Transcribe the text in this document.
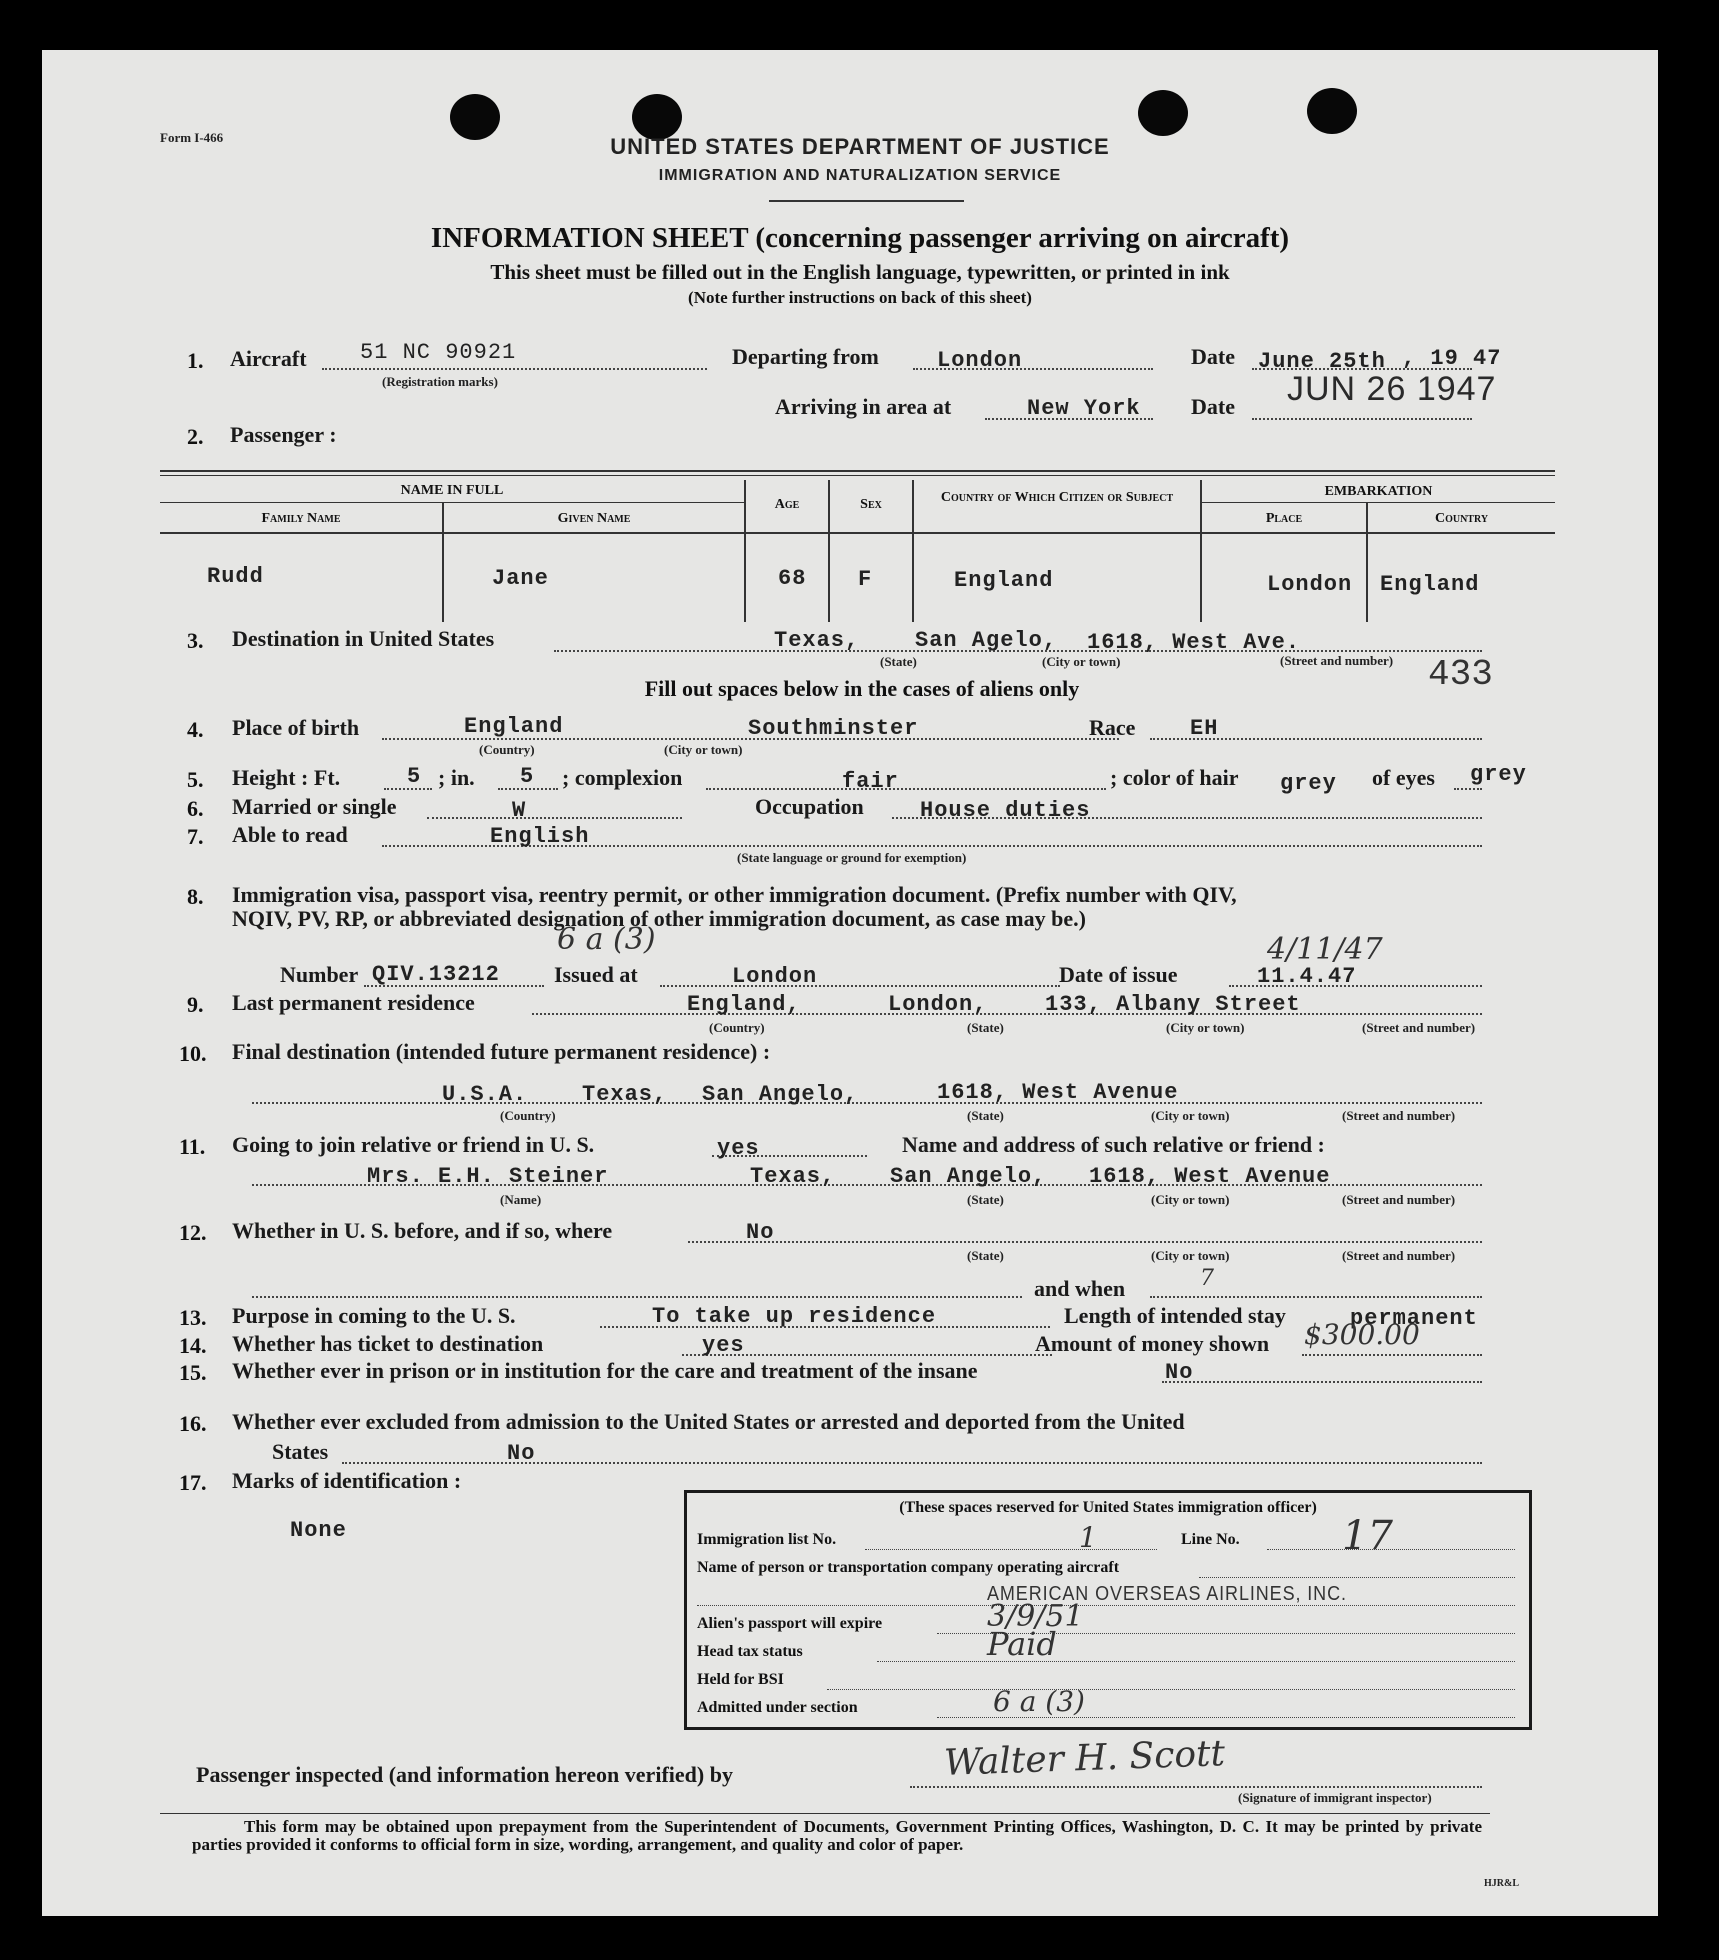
Form I-466	UNITED STATES DEPARTMENT OF JUSTICE
IMMIGRATION AND NATURALIZATION SERVICE
INFORMATION SHEET (concerning passenger arriving on aircraft)
This sheet must be filled out in the English language, typewritten, or printed in ink
(Note further instructions on back of this sheet)
1. Aircraft 51 NC 90921
(Registration marks)
Departing from	London	Date June 25th , 19 47
Arriving in area at	New York Date JUN 26 1947
2. Passenger :
NAME IN FULL
Family Name	Given Name
Age	Sex	Country of Which Citizen or Subject	EMBARKATION
Place	Country
Rudd	Jane	68 F	England	London England
3. Destination in United States	Texas,	San Agelo, 1618, West Ave.
(State)	(City or town)	(Street and number) 433
Fill out spaces below in the cases of aliens only
4. Place of birth	England	Southminster
(Country)	(City or town)
Race EH
5. Height : Ft.	5 ; in. 5 ; complexion	fair	; color of hair grey of eyes grey
6. Married or single	W	Occupation	House duties
7. Able to read	English
(State language or ground for exemption)
8. Immigration visa, passport visa, reentry permit, or other immigration document. (Prefix number with QIV,
NQIV, PV, RP, or abbreviated designation of other immigration document, as case may be.)
6 a (3)
Number QIV.13212 Issued at	London	Date of issue	11.4.47
4/11/47
9. Last permanent residence	England,	London,	133, Albany Street
(Country)	(State)	(City or town)	(Street and number)
10. Final destination (intended future permanent residence) :
U.S.A. Texas, San Angelo,	1618, West Avenue
(Country)	(State)	(City or town)	(Street and number)
11. Going to join relative or friend in U. S.	yes	Name and address of such relative or friend :
Mrs. E.H. Steiner	Texas, San Angelo, 1618, West Avenue
(Name)	(State)	(City or town)	(Street and number)
12. Whether in U. S. before, and if so, where	No
(State)	(City or town)	(Street and number)
and when	7
13. Purpose in coming to the U. S.	To take up residence	Length of intended stay	permanent
14. Whether has ticket to destination	yes	Amount of money shown $300.00
15. Whether ever in prison or in institution for the care and treatment of the insane	No
16. Whether ever excluded from admission to the United States or arrested and deported from the United
States	No
17. Marks of identification :
None
(These spaces reserved for United States immigration officer)
Immigration list No.	1	Line No.	17
Name of person or transportation company operating aircraft
AMERICAN OVERSEAS AIRLINES, INC.
Alien's passport will expire	3/9/51
Head tax status	Paid
Held for BSI
Admitted under section	6 a (3)
Passenger inspected (and information hereon verified) by	Walter H. Scott
(Signature of immigrant inspector)
This form may be obtained upon prepayment from the Superintendent of Documents, Government Printing Offices, Washington, D. C. It may be printed by private parties provided it conforms to official form in size, wording, arrangement, and quality and color of paper.
HJR&L
